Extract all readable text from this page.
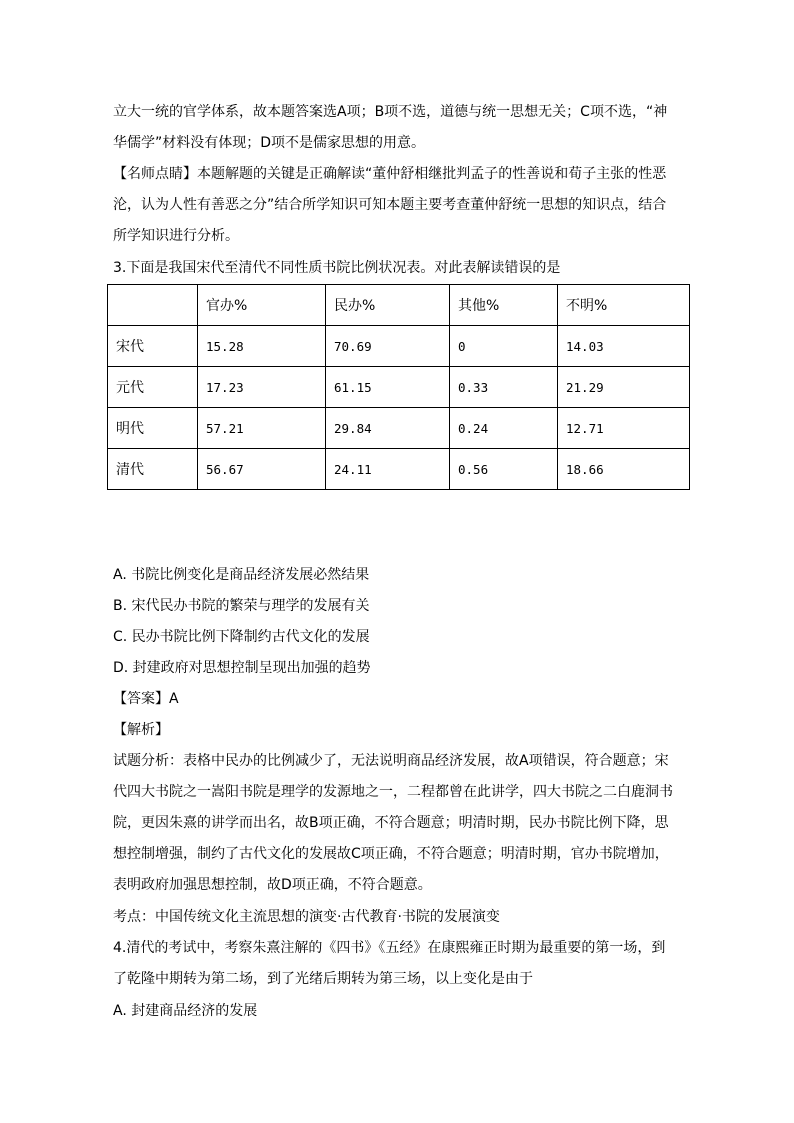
立大一统的官学体系，故本题答案选A项；B项不选，道德与统一思想无关；C项不选，“神
华儒学”材料没有体现；D项不是儒家思想的用意。
【名师点睛】本题解题的关键是正确解读“董仲舒相继批判孟子的性善说和荀子主张的性恶
沦，认为人性有善恶之分”结合所学知识可知本题主要考查董仲舒统一思想的知识点，结合
所学知识进行分析。
3.下面是我国宋代至清代不同性质书院比例状况表。对此表解读错误的是
	官办%	民办%	其他%	不明%
宋代	15.28	70.69	0	14.03
元代	17.23	61.15	0.33	21.29
明代	57.21	29.84	0.24	12.71
清代	56.67	24.11	0.56	18.66
A. 书院比例变化是商品经济发展必然结果
B. 宋代民办书院的繁荣与理学的发展有关
C. 民办书院比例下降制约古代文化的发展
D. 封建政府对思想控制呈现出加强的趋势
【答案】A
【解析】
试题分析：表格中民办的比例减少了，无法说明商品经济发展，故A项错误，符合题意；宋
代四大书院之一嵩阳书院是理学的发源地之一，二程都曾在此讲学，四大书院之二白鹿洞书
院，更因朱熹的讲学而出名，故B项正确，不符合题意；明清时期，民办书院比例下降，思
想控制增强，制约了古代文化的发展故C项正确，不符合题意；明清时期，官办书院增加，
表明政府加强思想控制，故D项正确，不符合题意。
考点：中国传统文化主流思想的演变·古代教育·书院的发展演变
4.清代的考试中，考察朱熹注解的《四书》《五经》在康熙雍正时期为最重要的第一场，到
了乾隆中期转为第二场，到了光绪后期转为第三场，以上变化是由于
A. 封建商品经济的发展
